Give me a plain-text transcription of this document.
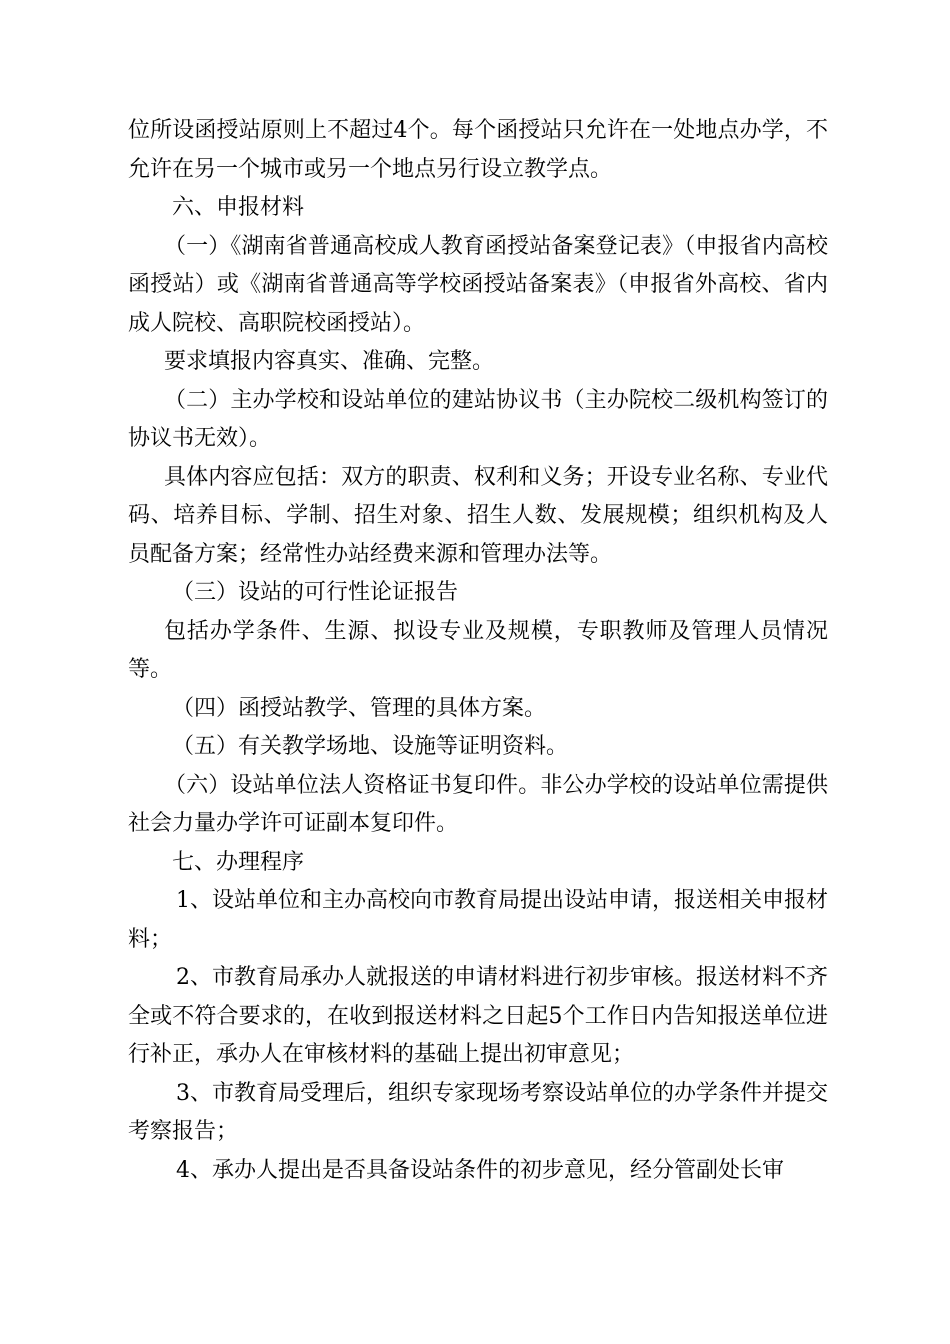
位所设函授站原则上不超过4个。每个函授站只允许在一处地点办学，不允许在另一个城市或另一个地点另行设立教学点。

六、申报材料

（一）《湖南省普通高校成人教育函授站备案登记表》（申报省内高校函授站）或《湖南省普通高等学校函授站备案表》（申报省外高校、省内成人院校、高职院校函授站）。

要求填报内容真实、准确、完整。

（二）主办学校和设站单位的建站协议书（主办院校二级机构签订的协议书无效）。

具体内容应包括：双方的职责、权利和义务；开设专业名称、专业代码、培养目标、学制、招生对象、招生人数、发展规模；组织机构及人员配备方案；经常性办站经费来源和管理办法等。

（三）设站的可行性论证报告

包括办学条件、生源、拟设专业及规模，专职教师及管理人员情况等。

（四）函授站教学、管理的具体方案。

（五）有关教学场地、设施等证明资料。

（六）设站单位法人资格证书复印件。非公办学校的设站单位需提供社会力量办学许可证副本复印件。

七、办理程序

1、设站单位和主办高校向市教育局提出设站申请，报送相关申报材料；

2、市教育局承办人就报送的申请材料进行初步审核。报送材料不齐全或不符合要求的，在收到报送材料之日起5个工作日内告知报送单位进行补正，承办人在审核材料的基础上提出初审意见；

3、市教育局受理后，组织专家现场考察设站单位的办学条件并提交考察报告；

4、承办人提出是否具备设站条件的初步意见，经分管副处长审
